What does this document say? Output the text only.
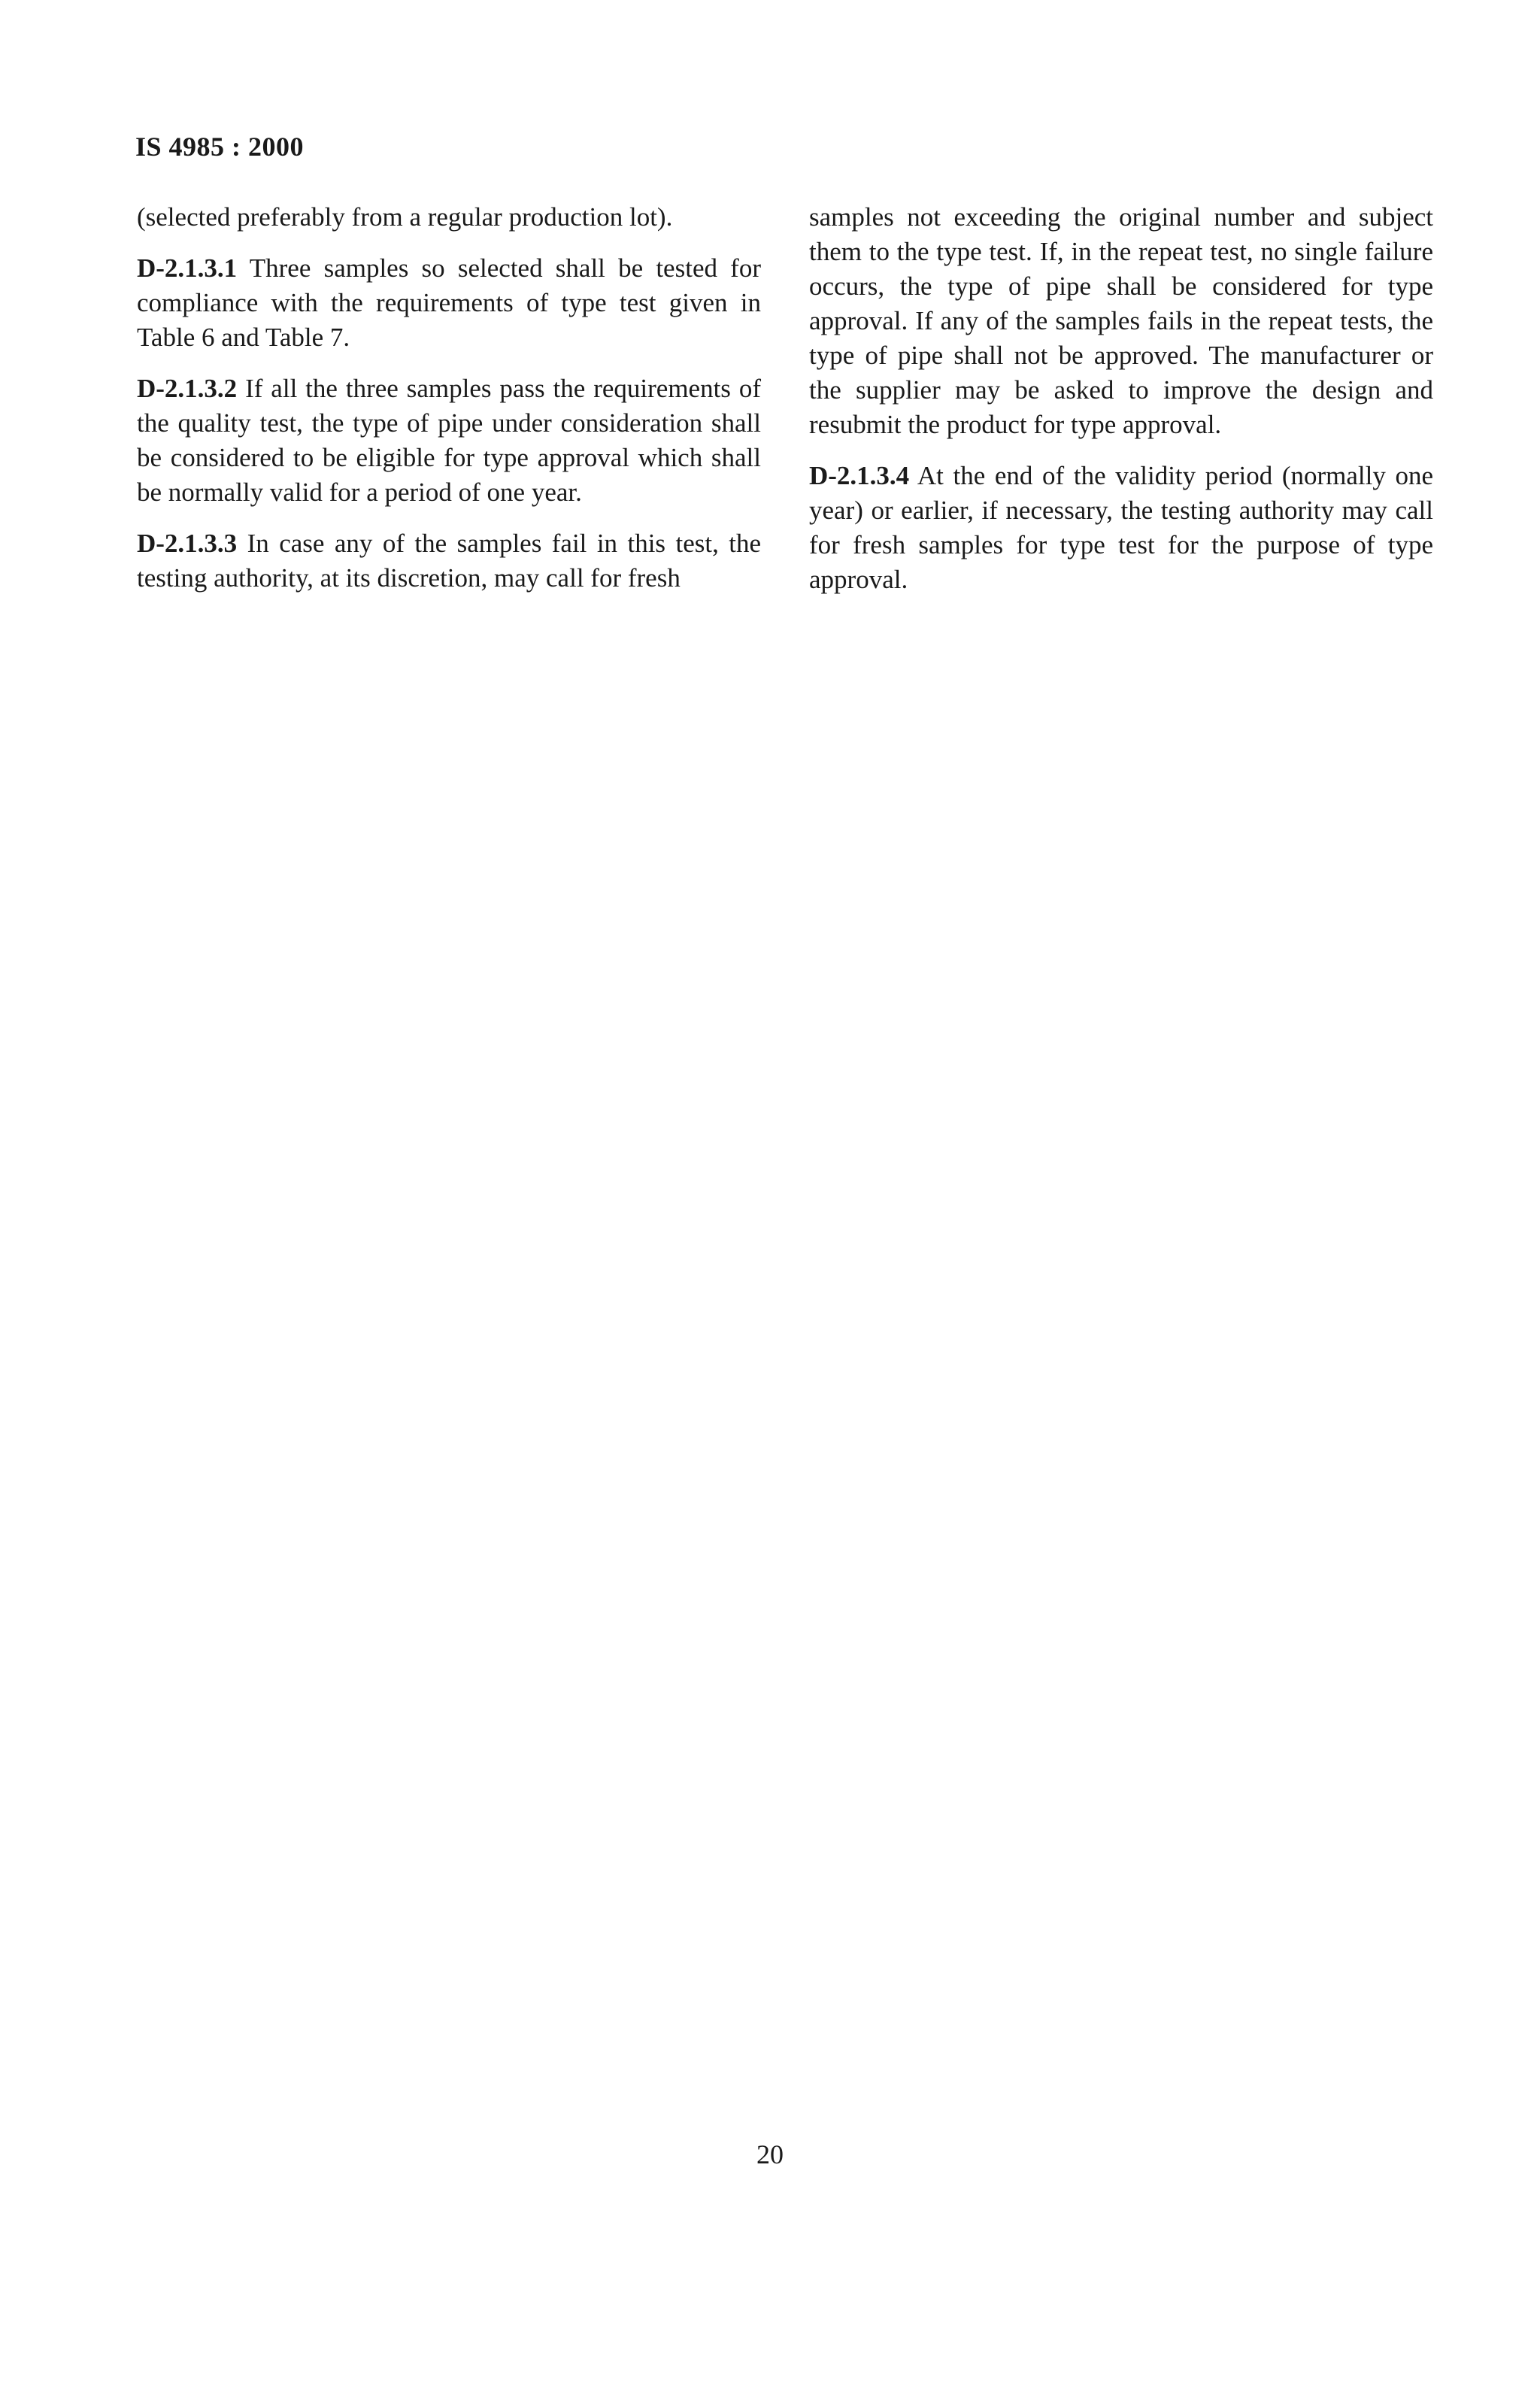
IS 4985 : 2000

(selected preferably from a regular production lot).

D-2.1.3.1 Three samples so selected shall be tested for compliance with the requirements of type test given in Table 6 and Table 7.

D-2.1.3.2 If all the three samples pass the requirements of the quality test, the type of pipe under consideration shall be considered to be eligible for type approval which shall be normally valid for a period of one year.

D-2.1.3.3 In case any of the samples fail in this test, the testing authority, at its discretion, may call for fresh

samples not exceeding the original number and subject them to the type test. If, in the repeat test, no single failure occurs, the type of pipe shall be considered for type approval. If any of the samples fails in the repeat tests, the type of pipe shall not be approved. The manufacturer or the supplier may be asked to improve the design and resubmit the product for type approval.

D-2.1.3.4 At the end of the validity period (normally one year) or earlier, if necessary, the testing authority may call for fresh samples for type test for the purpose of type approval.

20
